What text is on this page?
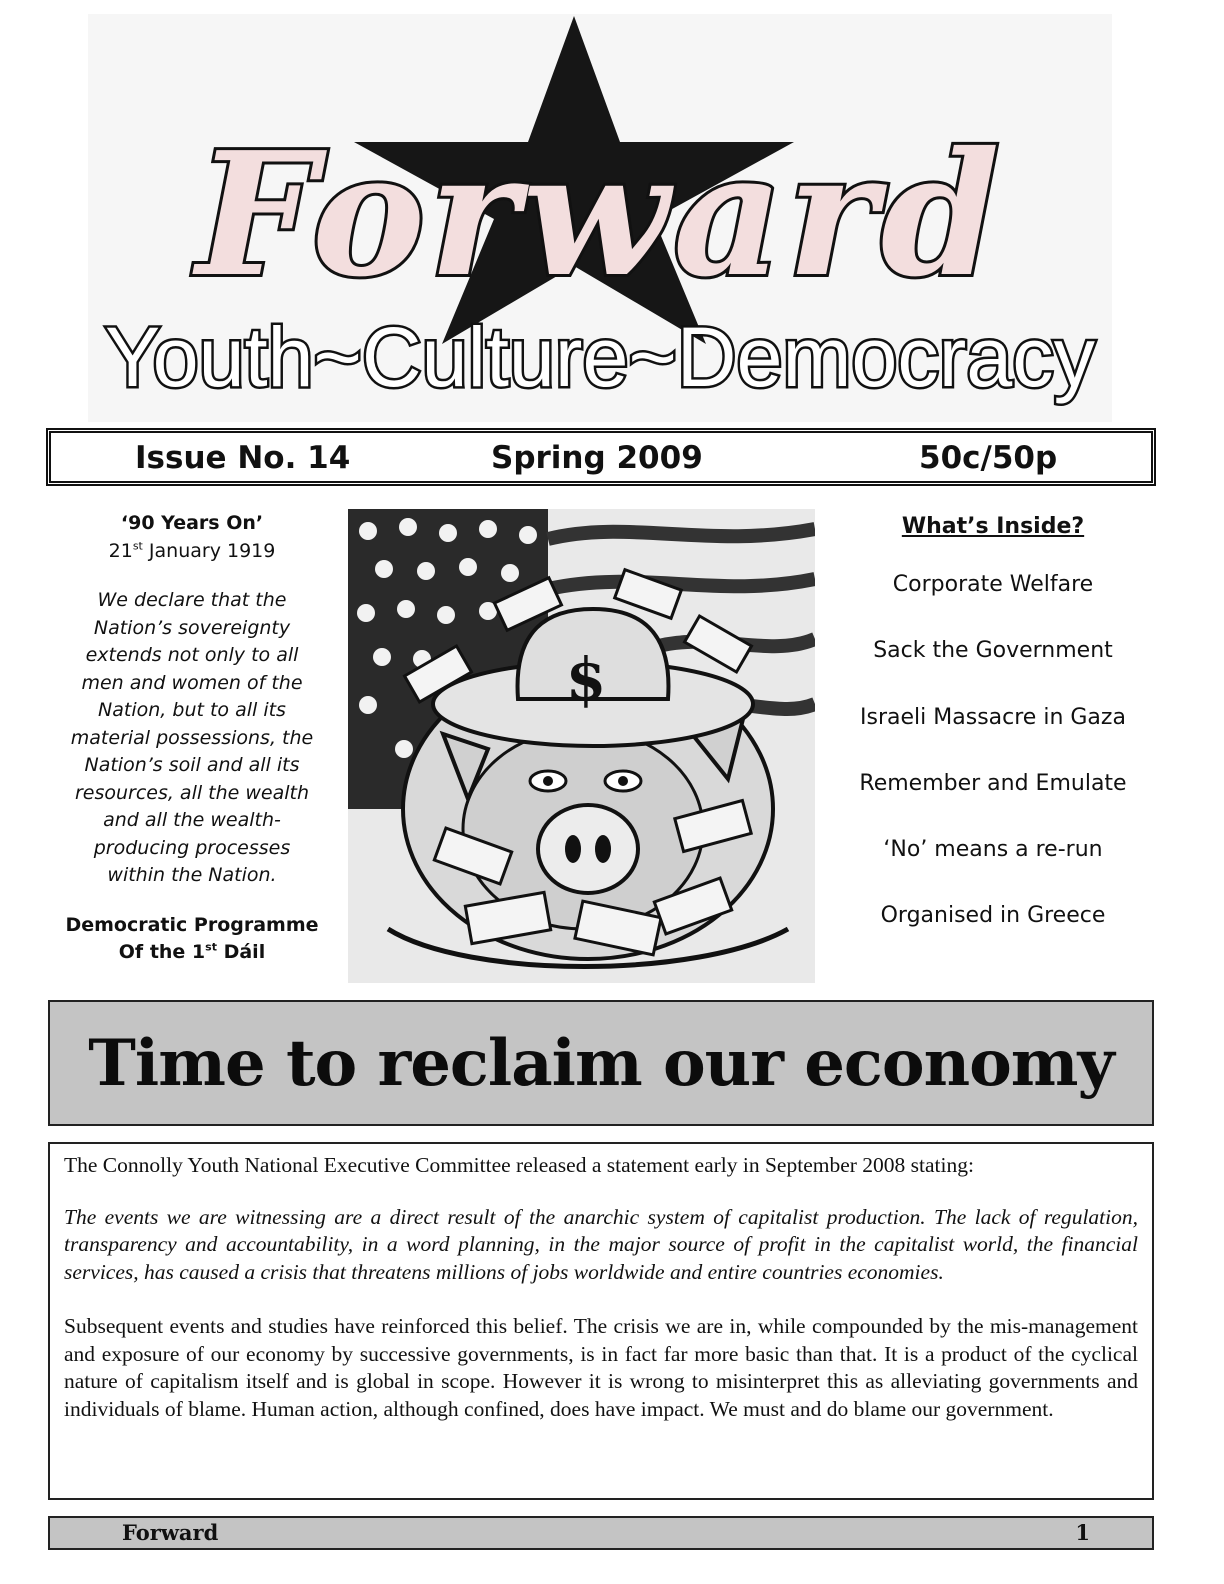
Forward
Youth~Culture~Democracy
Issue No. 14	Spring 2009	50c/50p
‘90 Years On’
21st January 1919
We declare that the Nation’s sovereignty extends not only to all men and women of the Nation, but to all its material possessions, the Nation’s soil and all its resources, all the wealth and all the wealth-producing processes within the Nation.
Democratic Programme
Of the 1st Dáil
$
What’s Inside?
Corporate Welfare
Sack the Government
Israeli Massacre in Gaza
Remember and Emulate
‘No’ means a re-run
Organised in Greece
Time to reclaim our economy

The Connolly Youth National Executive Committee released a statement early in September 2008 stating:

The events we are witnessing are a direct result of the anarchic system of capitalist production. The lack of regulation, transparency and accountability, in a word planning, in the major source of profit in the capitalist world, the financial services, has caused a crisis that threatens millions of jobs worldwide and entire countries economies.

Subsequent events and studies have reinforced this belief. The crisis we are in, while compounded by the mis-management and exposure of our economy by successive governments, is in fact far more basic than that. It is a product of the cyclical nature of capitalism itself and is global in scope. However it is wrong to misinterpret this as alleviating governments and individuals of blame. Human action, although confined, does have impact. We must and do blame our government.

Forward	1
